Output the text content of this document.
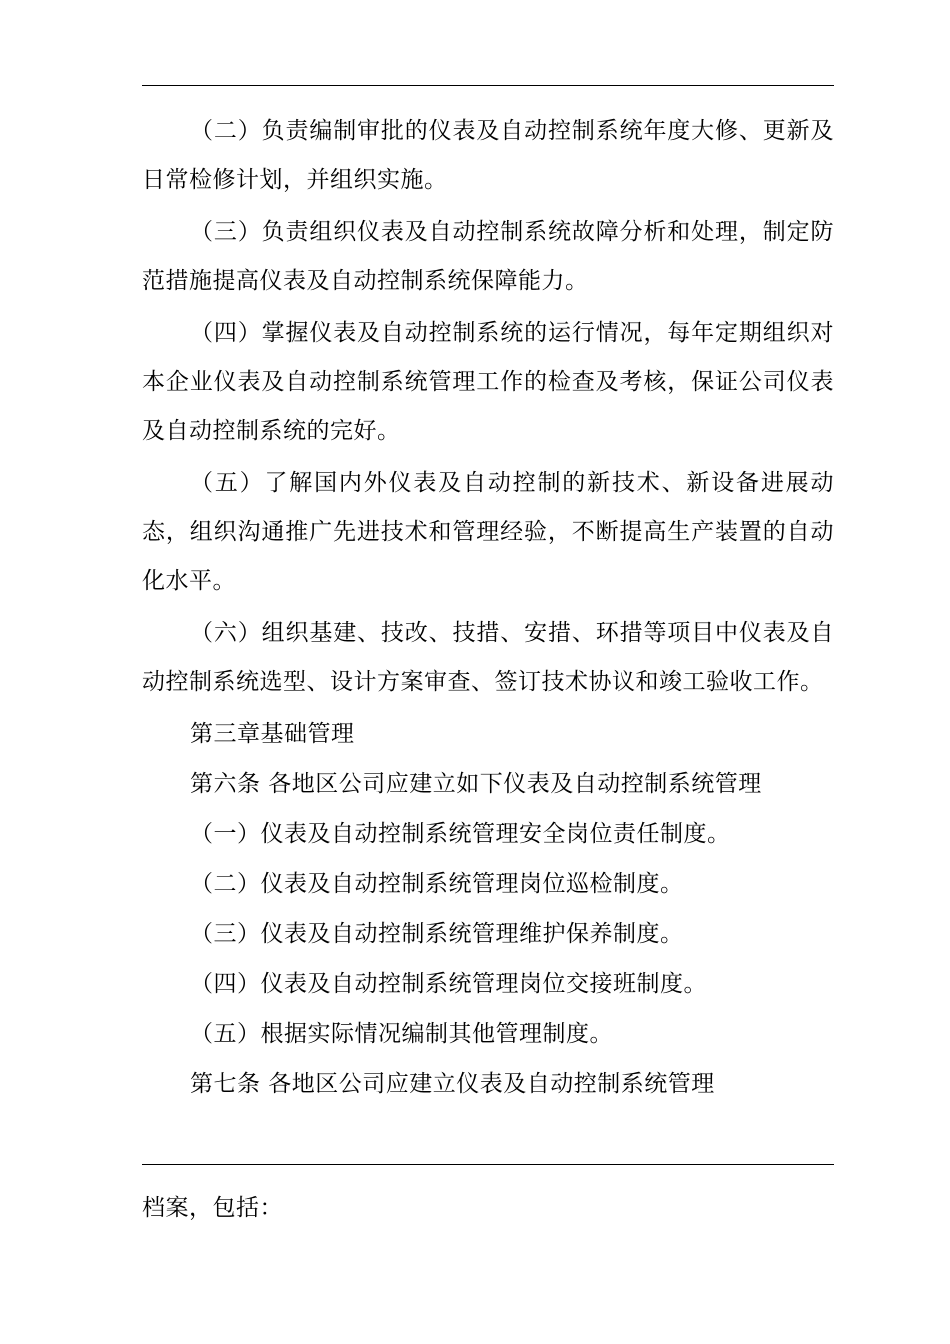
（二）负责编制审批的仪表及自动控制系统年度大修、更新及日常检修计划，并组织实施。

（三）负责组织仪表及自动控制系统故障分析和处理，制定防范措施提高仪表及自动控制系统保障能力。

（四）掌握仪表及自动控制系统的运行情况，每年定期组织对本企业仪表及自动控制系统管理工作的检查及考核，保证公司仪表及自动控制系统的完好。

（五）了解国内外仪表及自动控制的新技术、新设备进展动态，组织沟通推广先进技术和管理经验，不断提高生产装置的自动化水平。

（六）组织基建、技改、技措、安措、环措等项目中仪表及自动控制系统选型、设计方案审查、签订技术协议和竣工验收工作。

第三章基础管理

第六条 各地区公司应建立如下仪表及自动控制系统管理

（一）仪表及自动控制系统管理安全岗位责任制度。

（二）仪表及自动控制系统管理岗位巡检制度。

（三）仪表及自动控制系统管理维护保养制度。

（四）仪表及自动控制系统管理岗位交接班制度。

（五）根据实际情况编制其他管理制度。

第七条 各地区公司应建立仪表及自动控制系统管理

档案，包括：
